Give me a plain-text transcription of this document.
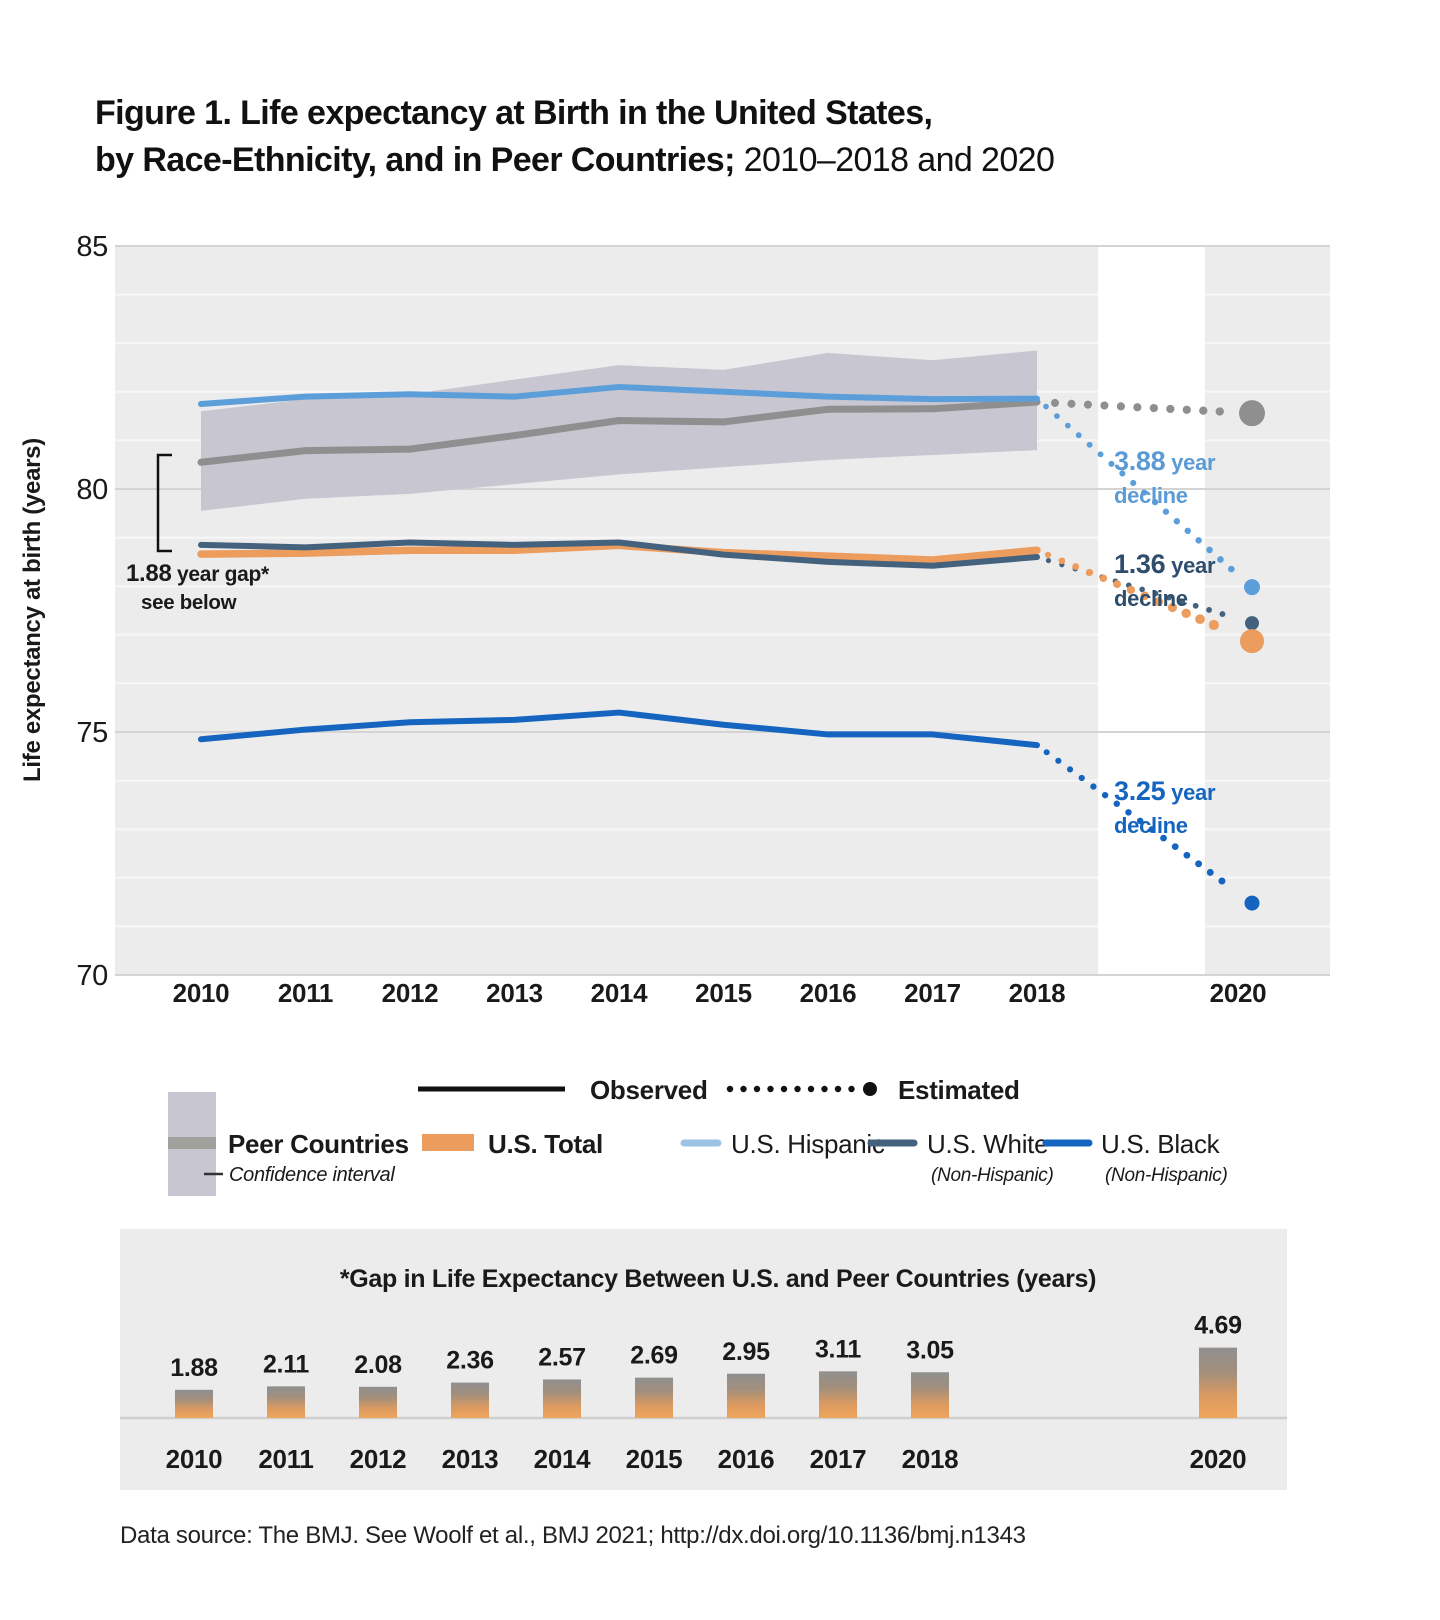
Figure 1. Life expectancy at Birth in the United States,
by Race-Ethnicity, and in Peer Countries; 2010–2018 and 2020
70
75
80
85
2010 2011 2012 2013 2014 2015 2016 2017 2018	2020
Life expectancy at birth (years)	1.88 year gap*
see below
3.88 year
decline
1.36 year
decline
3.25 year
decline
Observed	Estimated
Peer Countries
Confidence interval
U.S. Total	U.S. Hispanic U.S. White
(Non-Hispanic)
U.S. Black
(Non-Hispanic)
*Gap in Life Expectancy Between U.S. and Peer Countries (years)
1.88
2010
2.11
2011
2.08
2012
2.36
2013
2.57
2014
2.69
2015
2.95
2016
3.11
2017
3.05
2018
4.69
2020
Data source: The BMJ. See Woolf et al., BMJ 2021; http://dx.doi.org/10.1136/bmj.n1343
